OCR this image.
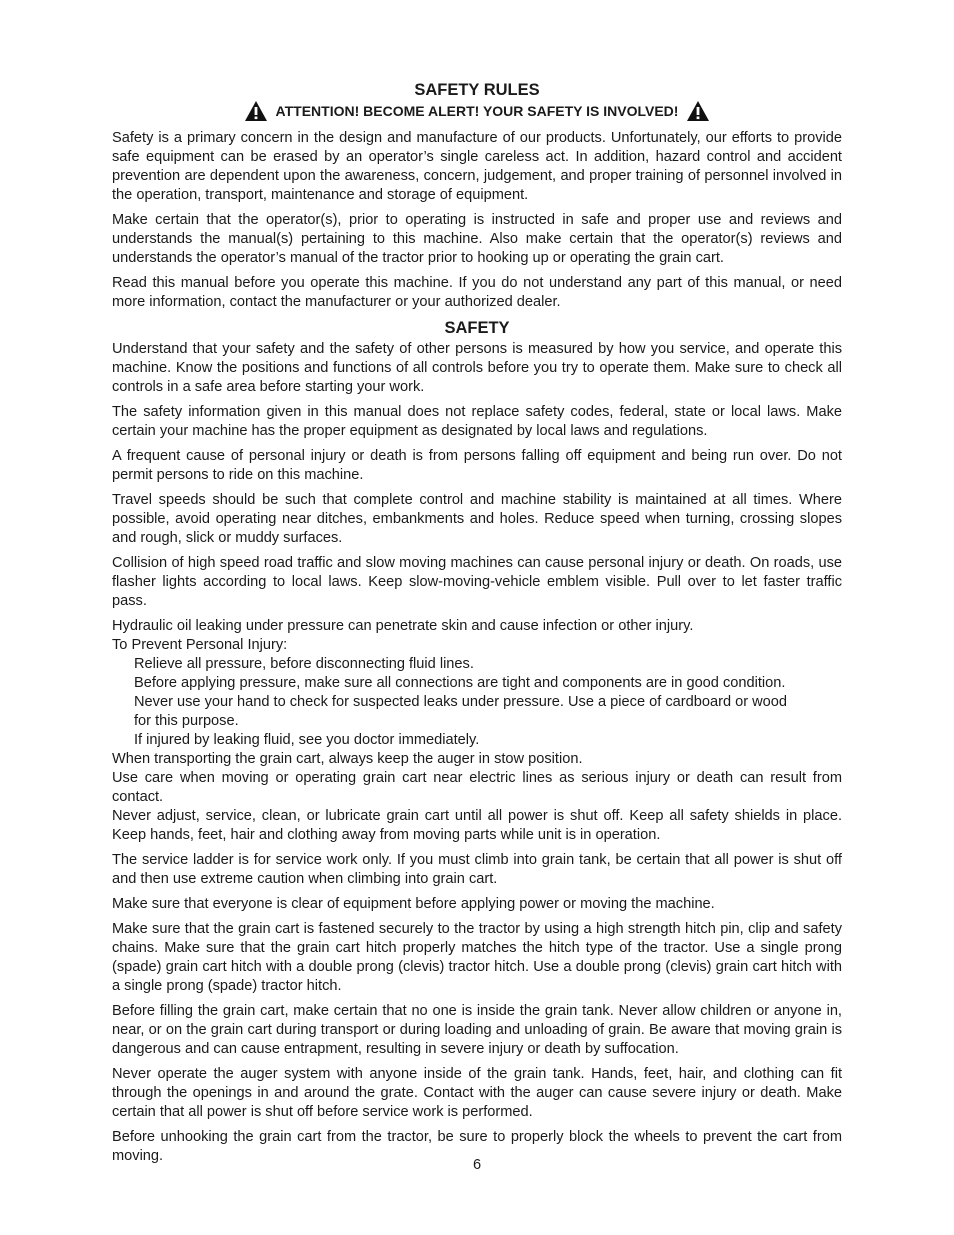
SAFETY RULES
ATTENTION! BECOME ALERT! YOUR SAFETY IS INVOLVED!

Safety is a primary concern in the design and manufacture of our products. Unfortunately, our efforts to provide safe equipment can be erased by an operator’s single careless act. In addition, hazard control and accident prevention are dependent upon the awareness, concern, judgement, and proper training of personnel involved in the operation, transport, maintenance and storage of equipment.

Make certain that the operator(s), prior to operating is instructed in safe and proper use and reviews and understands the manual(s) pertaining to this machine. Also make certain that the operator(s) reviews and understands the operator’s manual of the tractor prior to hooking up or operating the grain cart.

Read this manual before you operate this machine. If you do not understand any part of this manual, or need more information, contact the manufacturer or your authorized dealer.

SAFETY

Understand that your safety and the safety of other persons is measured by how you service, and operate this machine. Know the positions and functions of all controls before you try to operate them. Make sure to check all controls in a safe area before starting your work.

The safety information given in this manual does not replace safety codes, federal, state or local laws. Make certain your machine has the proper equipment as designated by local laws and regulations.

A frequent cause of personal injury or death is from persons falling off equipment and being run over. Do not permit persons to ride on this machine.

Travel speeds should be such that complete control and machine stability is maintained at all times. Where possible, avoid operating near ditches, embankments and holes. Reduce speed when turning, crossing slopes and rough, slick or muddy surfaces.

Collision of high speed road traffic and slow moving machines can cause personal injury or death. On roads, use flasher lights according to local laws. Keep slow-moving-vehicle emblem visible. Pull over to let faster traffic pass.

Hydraulic oil leaking under pressure can penetrate skin and cause infection or other injury.

To Prevent Personal Injury:

Relieve all pressure, before disconnecting fluid lines.

Before applying pressure, make sure all connections are tight and components are in good condition.

Never use your hand to check for suspected leaks under pressure. Use a piece of cardboard or wood for this purpose.

If injured by leaking fluid, see you doctor immediately.

When transporting the grain cart, always keep the auger in stow position.

Use care when moving or operating grain cart near electric lines as serious injury or death can result from contact.

Never adjust, service, clean, or lubricate grain cart until all power is shut off. Keep all safety shields in place. Keep hands, feet, hair and clothing away from moving parts while unit is in operation.

The service ladder is for service work only. If you must climb into grain tank, be certain that all power is shut off and then use extreme caution when climbing into grain cart.

Make sure that everyone is clear of equipment before applying power or moving the machine.

Make sure that the grain cart is fastened securely to the tractor by using a high strength hitch pin, clip and safety chains. Make sure that the grain cart hitch properly matches the hitch type of the tractor. Use a single prong (spade) grain cart hitch with a double prong (clevis) tractor hitch. Use a double prong (clevis) grain cart hitch with a single prong (spade) tractor hitch.

Before filling the grain cart, make certain that no one is inside the grain tank. Never allow children or anyone in, near, or on the grain cart during transport or during loading and unloading of grain. Be aware that moving grain is dangerous and can cause entrapment, resulting in severe injury or death by suffocation.

Never operate the auger system with anyone inside of the grain tank. Hands, feet, hair, and clothing can fit through the openings in and around the grate. Contact with the auger can cause severe injury or death. Make certain that all power is shut off before service work is performed.

Before unhooking the grain cart from the tractor, be sure to properly block the wheels to prevent the cart from moving.

6
